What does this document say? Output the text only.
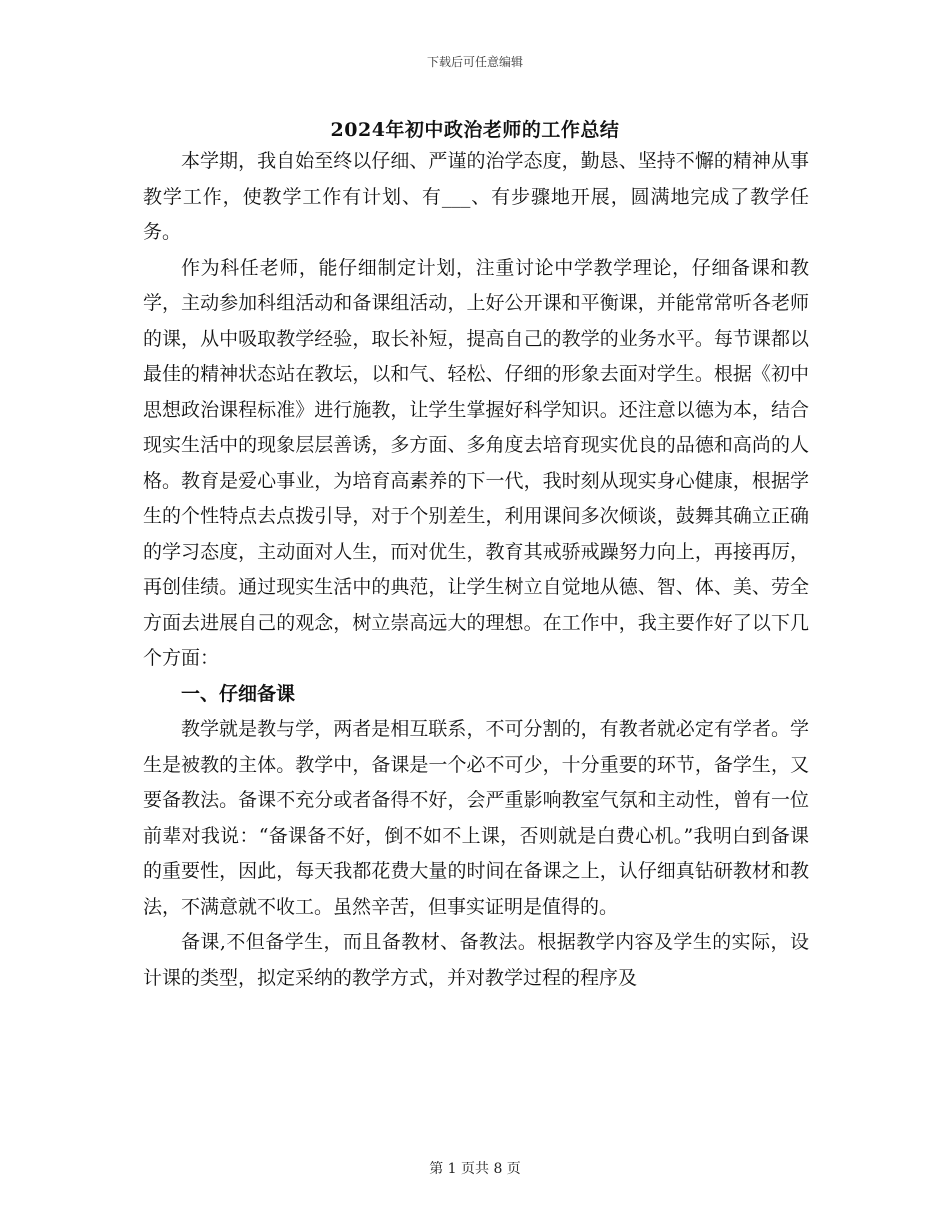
下载后可任意编辑
2024年初中政治老师的工作总结

本学期，我自始至终以仔细、严谨的治学态度，勤恳、坚持不懈的精神从事教学工作，使教学工作有计划、有___、有步骤地开展，圆满地完成了教学任务。

作为科任老师，能仔细制定计划，注重讨论中学教学理论，仔细备课和教学，主动参加科组活动和备课组活动，上好公开课和平衡课，并能常常听各老师的课，从中吸取教学经验，取长补短，提高自己的教学的业务水平。每节课都以最佳的精神状态站在教坛，以和气、轻松、仔细的形象去面对学生。根据《初中思想政治课程标准》进行施教，让学生掌握好科学知识。还注意以德为本，结合现实生活中的现象层层善诱，多方面、多角度去培育现实优良的品德和高尚的人格。教育是爱心事业，为培育高素养的下一代，我时刻从现实身心健康，根据学生的个性特点去点拨引导，对于个别差生，利用课间多次倾谈，鼓舞其确立正确的学习态度，主动面对人生，而对优生，教育其戒骄戒躁努力向上，再接再厉，再创佳绩。通过现实生活中的典范，让学生树立自觉地从德、智、体、美、劳全方面去进展自己的观念，树立崇高远大的理想。在工作中，我主要作好了以下几个方面：

一、仔细备课

教学就是教与学，两者是相互联系，不可分割的，有教者就必定有学者。学生是被教的主体。教学中，备课是一个必不可少，十分重要的环节，备学生，又要备教法。备课不充分或者备得不好，会严重影响教室气氛和主动性，曾有一位前辈对我说：“备课备不好，倒不如不上课，否则就是白费心机。”我明白到备课的重要性，因此，每天我都花费大量的时间在备课之上，认仔细真钻研教材和教法，不满意就不收工。虽然辛苦，但事实证明是值得的。

备课,不但备学生，而且备教材、备教法。根据教学内容及学生的实际，设计课的类型，拟定采纳的教学方式，并对教学过程的程序及

第 1 页共 8 页
